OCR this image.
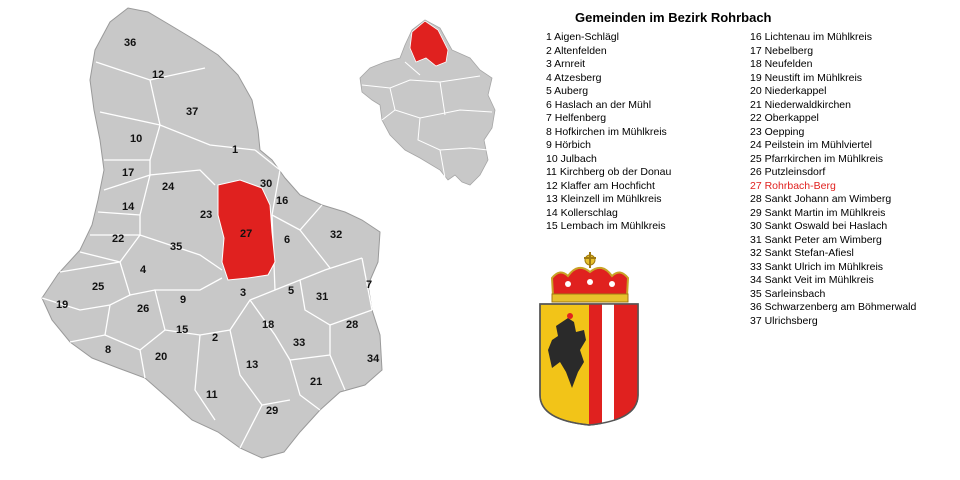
36
12
37
10
1
17
24	30
14
23
16
27	6	32
22
35
4
25
19	26
9
3	5 31
7
28
15
2
18
33
8
20
13	34
21
11
29
Gemeinden im Bezirk Rohrbach
1 Aigen-Schlägl
2 Altenfelden
3 Arnreit
4 Atzesberg
5 Auberg
6 Haslach an der Mühl
7 Helfenberg
8 Hofkirchen im Mühlkreis
9 Hörbich
10 Julbach
11 Kirchberg ob der Donau
12 Klaffer am Hochficht
13 Kleinzell im Mühlkreis
14 Kollerschlag
15 Lembach im Mühlkreis
16 Lichtenau im Mühlkreis
17 Nebelberg
18 Neufelden
19 Neustift im Mühlkreis
20 Niederkappel
21 Niederwaldkirchen
22 Oberkappel
23 Oepping
24 Peilstein im Mühlviertel
25 Pfarrkirchen im Mühlkreis
26 Putzleinsdorf
27 Rohrbach-Berg
28 Sankt Johann am Wimberg
29 Sankt Martin im Mühlkreis
30 Sankt Oswald bei Haslach
31 Sankt Peter am Wimberg
32 Sankt Stefan-Afiesl
33 Sankt Ulrich im Mühlkreis
34 Sankt Veit im Mühlkreis
35 Sarleinsbach
36 Schwarzenberg am Böhmerwald
37 Ulrichsberg
